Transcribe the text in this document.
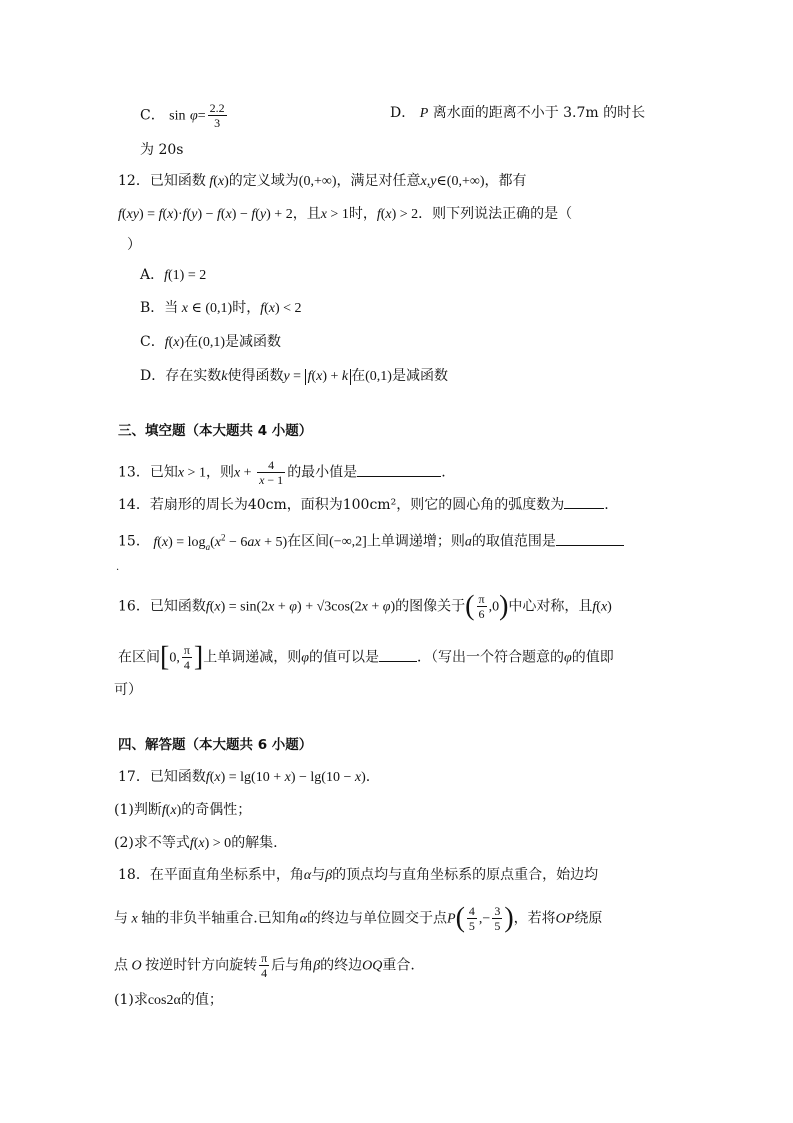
C． $\sin \varphi= \frac{2.2}{3}$	D． P 离水面的距离不小于 3.7m 的时长
为 20s
12．已知函数 f(x)的定义域为(0,+∞)，满足对任意x,y∈(0,+∞)，都有
f(xy) = f(x)·f(y) − f(x) − f(y) + 2，且x > 1时，f(x) > 2．则下列说法正确的是（
）
A．f(1) = 2
B．当 x ∈ (0,1)时，f(x) < 2
C．f(x)在(0,1)是减函数
D．存在实数k使得函数y = f(x) + k 在(0,1)是减函数
三、填空题（本大题共 4 小题）
13．已知x > 1，则$x + \frac{4}{x - 1}$ 的最小值是	.
14．若扇形的周长为40cm，面积为100cm²，则它的圆心角的弧度数为	.
15． $f(x) = \log_a(x^2 - 6ax + 5)$在区间(−∞,2]上单调递增；则a的取值范围是
.
16．已知函数f(x) = sin(2x + φ) + √3cos(2x + φ)的图像关于( $\frac{\pi}{6} ,0$)中心对称，且f(x)
在区间[0, $\frac{\pi}{4}$ ]上单调递减，则φ的值可以是	．（写出一个符合题意的φ的值即
可）
四、解答题（本大题共 6 小题）
17．已知函数f(x) = lg(10 + x) − lg(10 − x).
(1)判断f(x)的奇偶性；
(2)求不等式f(x) > 0的解集.
18．在平面直角坐标系中，角α与β的顶点均与直角坐标系的原点重合，始边均
与 x 轴的非负半轴重合.已知角α的终边与单位圆交于点$P( \frac{4}{5}$ ,− $\frac{3}{5}$ )，若将OP绕原
点 O 按逆时针方向旋转 $\frac{\pi}{4}$ 后与角β的终边OQ重合.
(1)求cos2α的值；
